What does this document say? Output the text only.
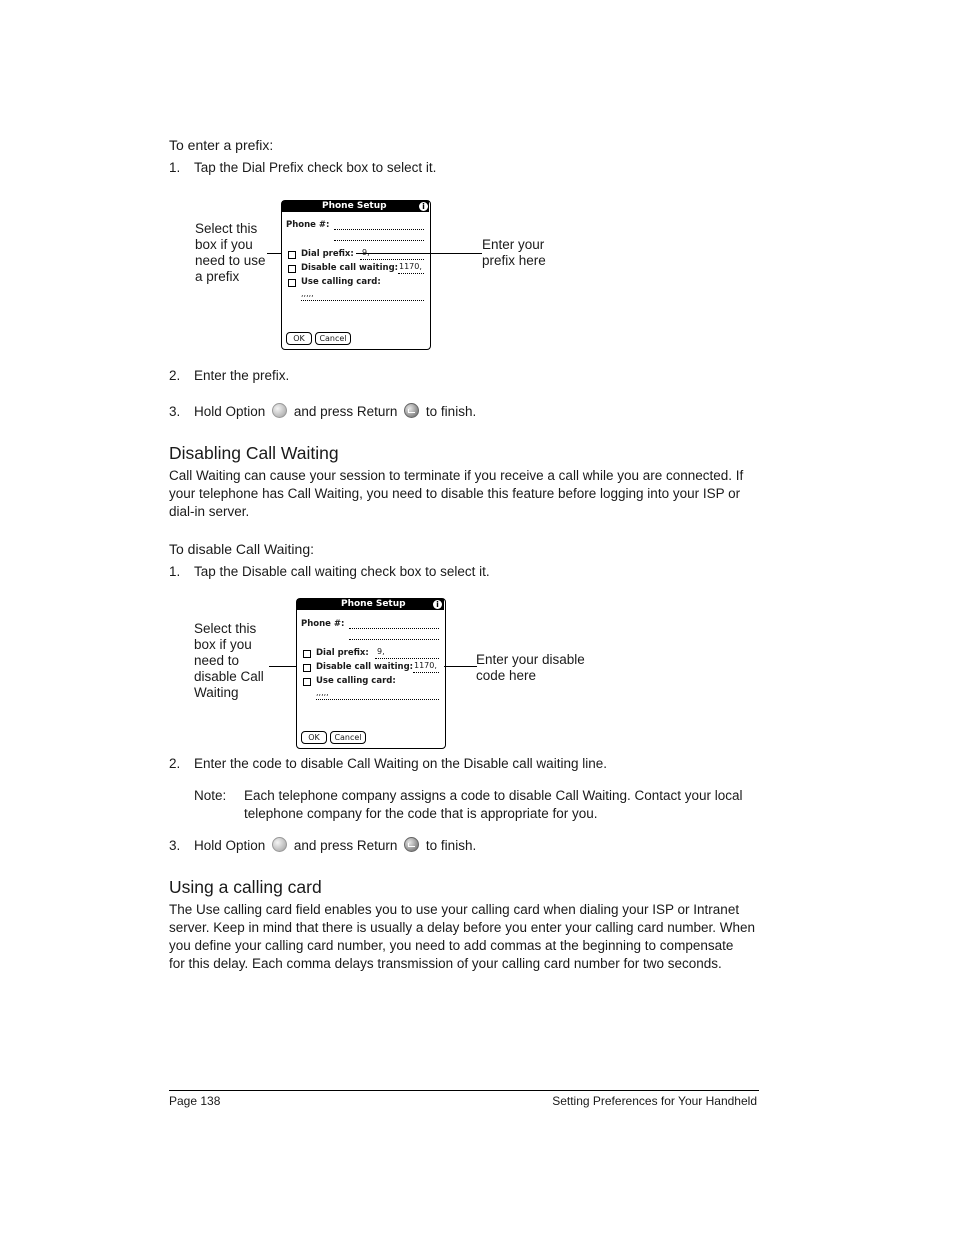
To enter a prefix:
1.	Tap the Dial Prefix check box to select it.
Select this
box if you
need to use
a prefix
Phone Setup	i
Phone #:
Dial prefix:
Disable call waiting: 1170,
Use calling card:
,,,,,
OK	Cancel
Enter your
prefix here
2.	Enter the prefix.
3.	Hold Option and press Return to finish.
Disabling Call Waiting
Call Waiting can cause your session to terminate if you receive a call while you are connected. If
your telephone has Call Waiting, you need to disable this feature before logging into your ISP or
dial-in server.
To disable Call Waiting:
1.	Tap the Disable call waiting check box to select it.
Select this
box if you
need to
disable Call
Waiting
Phone Setup	i
Phone #:
Dial prefix: 9,
Disable call waiting: 1170,
Use calling card:
,,,,,
OK	Cancel
Enter your disable
code here
2.	Enter the code to disable Call Waiting on the Disable call waiting line.
Note: Each telephone company assigns a code to disable Call Waiting. Contact your local
telephone company for the code that is appropriate for you.
3.	Hold Option and press Return to finish.
Using a calling card
The Use calling card field enables you to use your calling card when dialing your ISP or Intranet
server. Keep in mind that there is usually a delay before you enter your calling card number. When
you define your calling card number, you need to add commas at the beginning to compensate
for this delay. Each comma delays transmission of your calling card number for two seconds.
Page 138	Setting Preferences for Your Handheld
